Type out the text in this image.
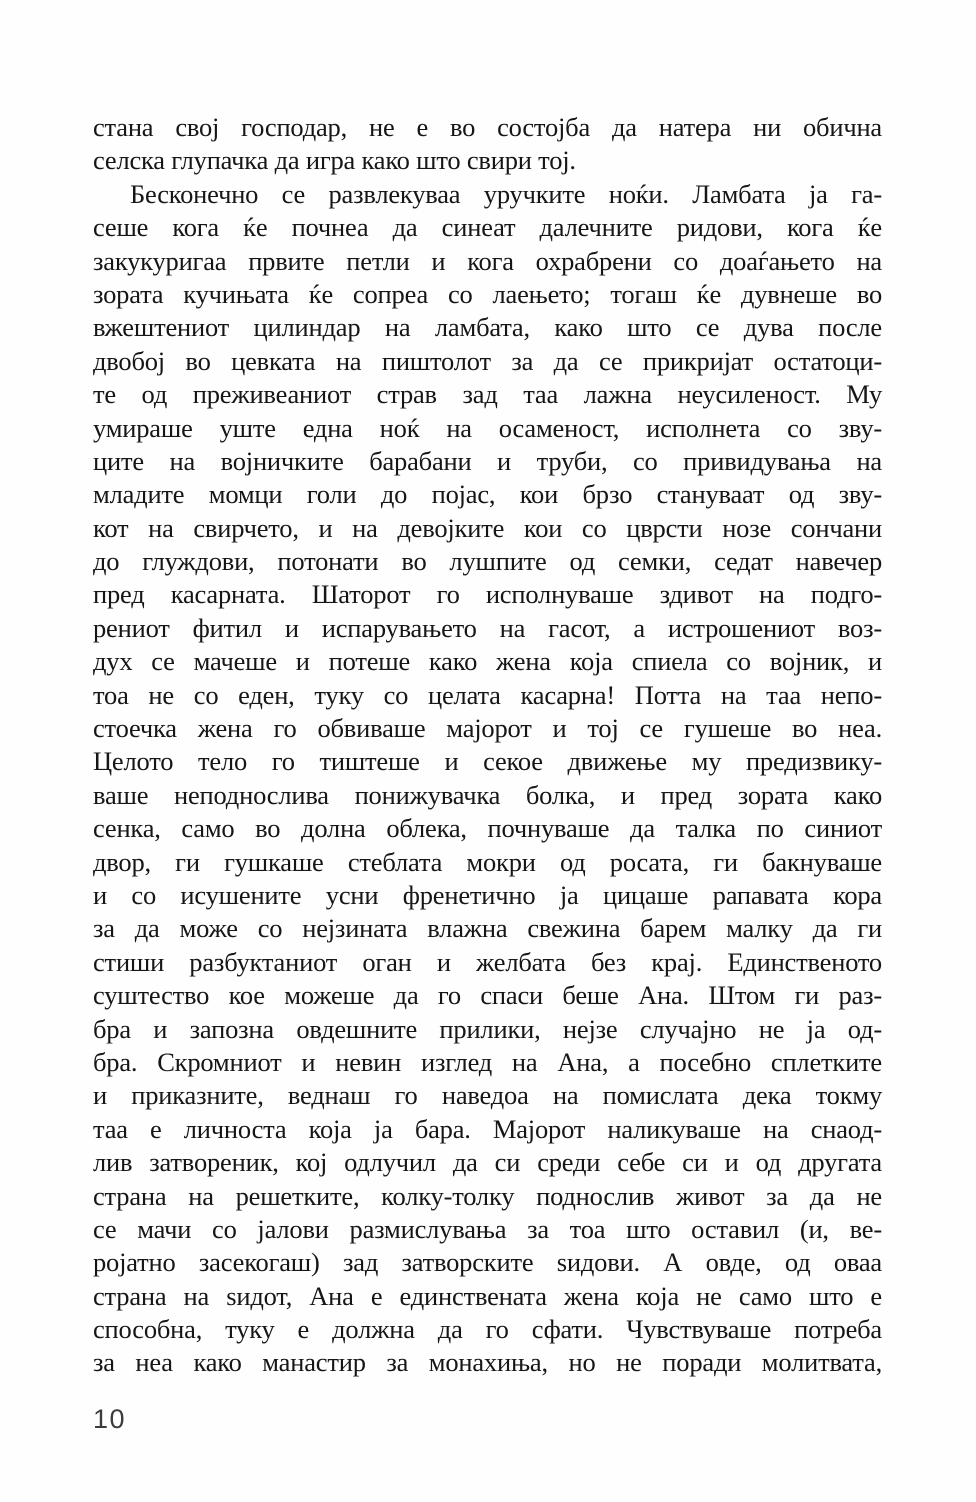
стана свој господар, не е во состојба да натера ни обична
селска глупачка да игра како што свири тој.
Бесконечно се развлекуваа уручките ноќи. Ламбата ја га-
сеше кога ќе почнеа да синеат далечните ридови, кога ќе
закукуригаа првите петли и кога охрабрени со доаѓањето на
зората кучињата ќе сопреа со лаењето; тогаш ќе дувнеше во
вжештениот цилиндар на ламбата, како што се дува после
двобој во цевката на пиштолот за да се прикријат остатоци-
те од преживеаниот страв зад таа лажна неусиленост. Му
умираше уште една ноќ на осаменост, исполнета со зву-
ците на војничките барабани и труби, со привидувања на
младите момци голи до појас, кои брзо стануваат од зву-
кот на свирчето, и на девојките кои со цврсти нозе сончани
до глуждови, потонати во лушпите од семки, седат навечер
пред касарната. Шаторот го исполнуваше здивот на подго-
рениот фитил и испарувањето на гасот, а истрошениот воз-
дух се мачеше и потеше како жена која спиела со војник, и
тоа не со еден, туку со целата касарна! Потта на таа непо-
стоечка жена го обвиваше мајорот и тој се гушеше во неа.
Целото тело го тиштеше и секое движење му предизвику-
ваше неподнослива понижувачка болка, и пред зората како
сенка, само во долна облека, почнуваше да талка по синиот
двор, ги гушкаше стеблата мокри од росата, ги бакнуваше
и со исушените усни френетично ја цицаше рапавата кора
за да може со нејзината влажна свежина барем малку да ги
стиши разбуктаниот оган и желбата без крај. Единственото
суштество кое можеше да го спаси беше Ана. Штом ги раз-
бра и запозна овдешните прилики, нејзе случајно не ја од-
бра. Скромниот и невин изглед на Ана, а посебно сплетките
и приказните, веднаш го наведоа на помислата дека токму
таа е личноста која ја бара. Мајорот наликуваше на снаод-
лив затвореник, кој одлучил да си среди себе си и од другата
страна на решетките, колку-толку поднослив живот за да не
се мачи со јалови размислувања за тоа што оставил (и, ве-
ројатно засекогаш) зад затворските ѕидови. А овде, од оваа
страна на ѕидот, Ана е единствената жена која не само што е
способна, туку е должна да го сфати. Чувствуваше потреба
за неа како манастир за монахиња, но не поради молитвата,
10
